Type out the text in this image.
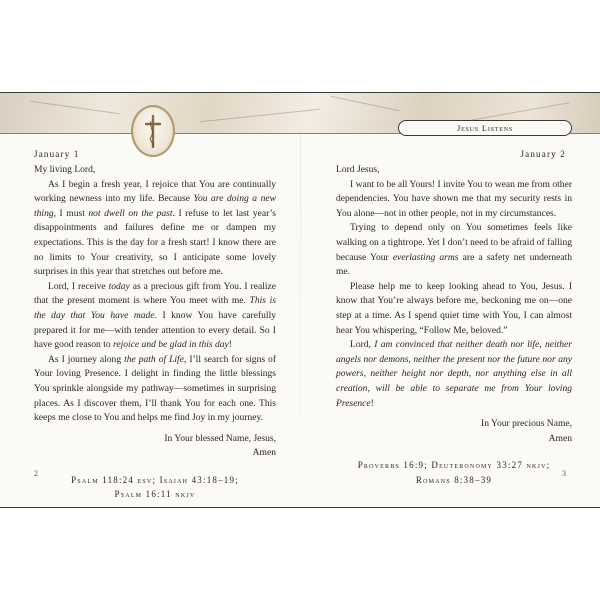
Jesus Listens
January 1

My living Lord,

As I begin a fresh year, I rejoice that You are continually working newness into my life. Because You are doing a new thing, I must not dwell on the past. I refuse to let last year’s disappointments and failures define me or dampen my expectations. This is the day for a fresh start! I know there are no limits to Your creativity, so I anticipate some lovely surprises in this year that stretches out before me.

Lord, I receive today as a precious gift from You. I realize that the present moment is where You meet with me. This is the day that You have made. I know You have carefully prepared it for me—with tender attention to every detail. So I have good reason to rejoice and be glad in this day!

As I journey along the path of Life, I’ll search for signs of Your loving Presence. I delight in finding the little blessings You sprinkle alongside my pathway—sometimes in surprising places. As I discover them, I’ll thank You for each one. This keeps me close to You and helps me find Joy in my journey.

In Your blessed Name, Jesus,
Amen
Psalm 118:24 esv; Isaiah 43:18–19;
Psalm 16:11 nkjv
2
January 2

Lord Jesus,

I want to be all Yours! I invite You to wean me from other dependencies. You have shown me that my security rests in You alone—not in other people, not in my circumstances.

Trying to depend only on You sometimes feels like walking on a tightrope. Yet I don’t need to be afraid of falling because Your everlasting arms are a safety net underneath me.

Please help me to keep looking ahead to You, Jesus. I know that You’re always before me, beckoning me on—one step at a time. As I spend quiet time with You, I can almost hear You whispering, “Follow Me, beloved.”

Lord, I am convinced that neither death nor life, neither angels nor demons, neither the present nor the future nor any powers, neither height nor depth, nor anything else in all creation, will be able to separate me from Your loving Presence!

In Your precious Name,
Amen
Proverbs 16:9; Deuteronomy 33:27 nkjv;
Romans 8:38–39
3
